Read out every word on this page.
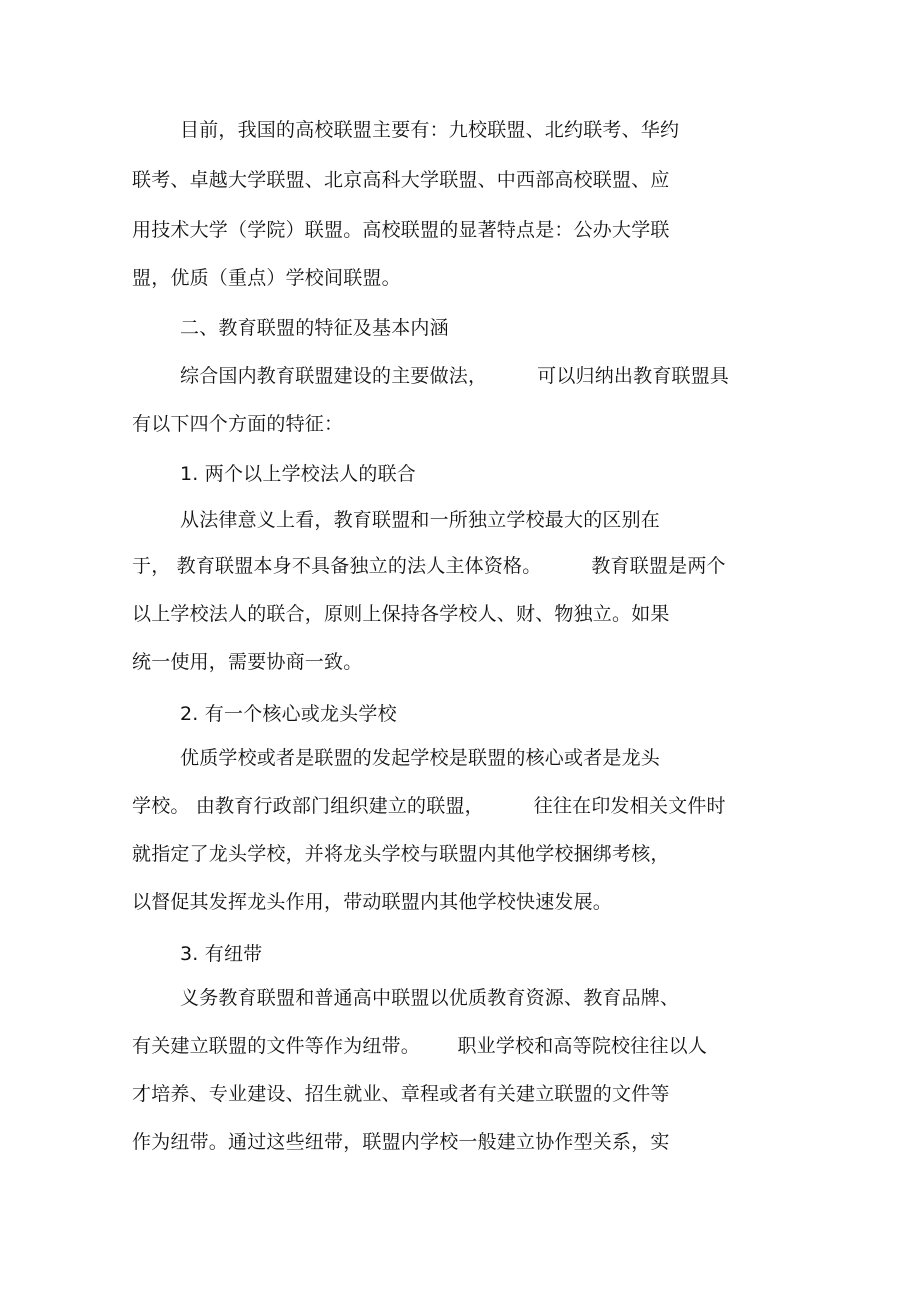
目前，我国的高校联盟主要有：九校联盟、北约联考、华约
联考、卓越大学联盟、北京高科大学联盟、中西部高校联盟、应
用技术大学（学院）联盟。高校联盟的显著特点是：公办大学联
盟，优质（重点）学校间联盟。
二、教育联盟的特征及基本内涵
综合国内教育联盟建设的主要做法，        可以归纳出教育联盟具
有以下四个方面的特征：
1. 两个以上学校法人的联合
从法律意义上看，教育联盟和一所独立学校最大的区别在
于， 教育联盟本身不具备独立的法人主体资格。        教育联盟是两个
以上学校法人的联合，原则上保持各学校人、财、物独立。如果
统一使用，需要协商一致。
2. 有一个核心或龙头学校
优质学校或者是联盟的发起学校是联盟的核心或者是龙头
学校。 由教育行政部门组织建立的联盟，        往往在印发相关文件时
就指定了龙头学校，并将龙头学校与联盟内其他学校捆绑考核，
以督促其发挥龙头作用，带动联盟内其他学校快速发展。
3. 有纽带
义务教育联盟和普通高中联盟以优质教育资源、教育品牌、
有关建立联盟的文件等作为纽带。      职业学校和高等院校往往以人
才培养、专业建设、招生就业、章程或者有关建立联盟的文件等
作为纽带。通过这些纽带，联盟内学校一般建立协作型关系，实
